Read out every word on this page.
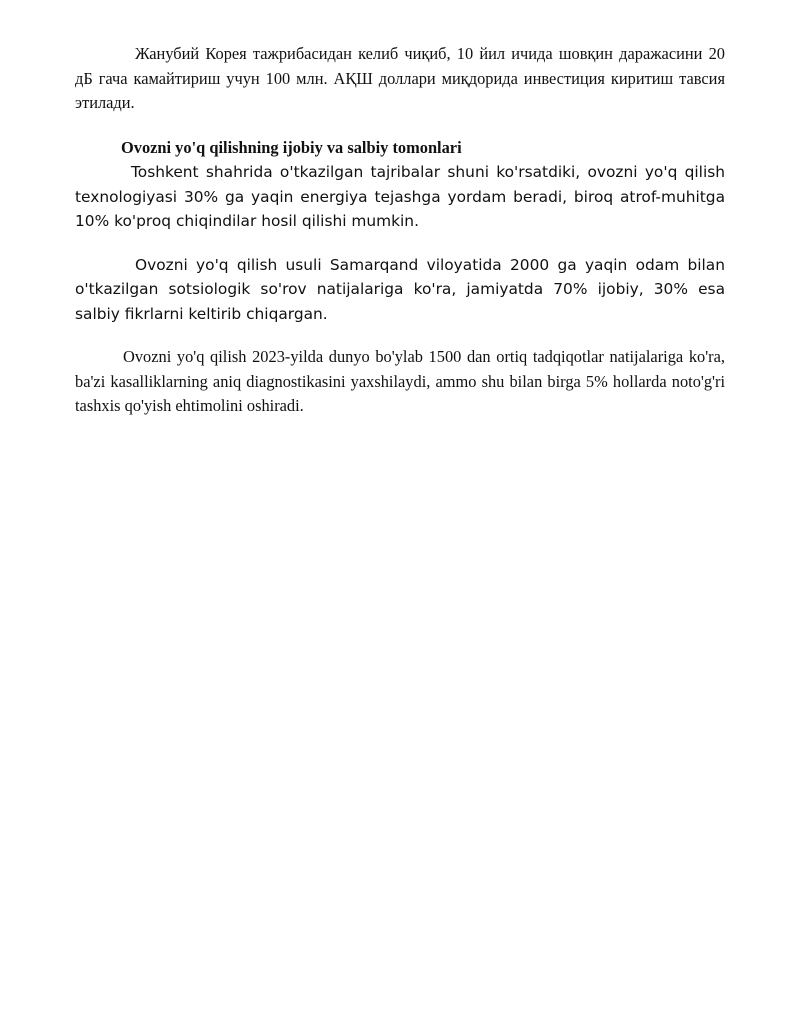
Жанубий Корея тажрибасидан келиб чиқиб, 10 йил ичида шовқин даражасини 20 дБ гача камайтириш учун 100 млн. АҚШ доллари миқдорида инвестиция киритиш тавсия этилади.

Ovozni yo'q qilishning ijobiy va salbiy tomonlari

Toshkent shahrida o'tkazilgan tajribalar shuni ko'rsatdiki, ovozni yo'q qilish texnologiyasi 30% ga yaqin energiya tejashga yordam beradi, biroq atrof-muhitga 10% ko'proq chiqindilar hosil qilishi mumkin.

Ovozni yo'q qilish usuli Samarqand viloyatida 2000 ga yaqin odam bilan o'tkazilgan sotsiologik so'rov natijalariga ko'ra, jamiyatda 70% ijobiy, 30% esa salbiy fikrlarni keltirib chiqargan.

Ovozni yo'q qilish 2023-yilda dunyo bo'ylab 1500 dan ortiq tadqiqotlar natijalariga ko'ra, ba'zi kasalliklarning aniq diagnostikasini yaxshilaydi, ammo shu bilan birga 5% hollarda noto'g'ri tashxis qo'yish ehtimolini oshiradi.
